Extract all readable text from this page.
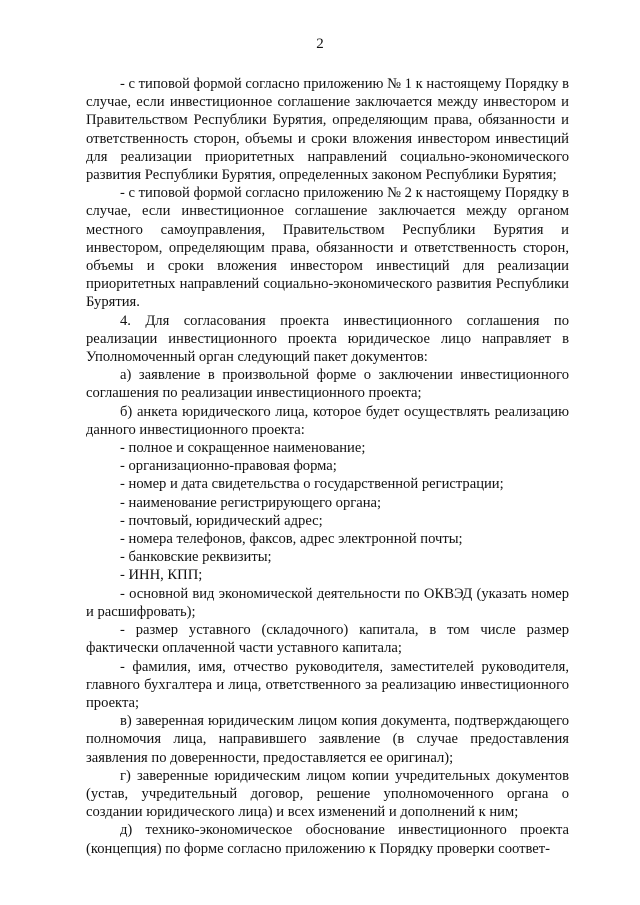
2

- с типовой формой согласно приложению № 1 к настоящему Порядку в случае, если инвестиционное соглашение заключается между инвестором и Правительством Республики Бурятия, определяющим права, обязанности и ответственность сторон, объемы и сроки вложения инвестором инвестиций для реализации приоритетных направлений социально-экономического развития Республики Бурятия, определенных законом Республики Бурятия;

- с типовой формой согласно приложению № 2 к настоящему Порядку в случае, если инвестиционное соглашение заключается между органом местного самоуправления, Правительством Республики Бурятия и инвестором, определяющим права, обязанности и ответственность сторон, объемы и сроки вложения инвестором инвестиций для реализации приоритетных направлений социально-экономического развития Республики Бурятия.

4. Для согласования проекта инвестиционного соглашения по реализации инвестиционного проекта юридическое лицо направляет в Уполномоченный орган следующий пакет документов:

а) заявление в произвольной форме о заключении инвестиционного соглашения по реализации инвестиционного проекта;

б) анкета юридического лица, которое будет осуществлять реализацию данного инвестиционного проекта:

- полное и сокращенное наименование;

- организационно-правовая форма;

- номер и дата свидетельства о государственной регистрации;

- наименование регистрирующего органа;

- почтовый, юридический адрес;

- номера телефонов, факсов, адрес электронной почты;

- банковские реквизиты;

- ИНН, КПП;

- основной вид экономической деятельности по ОКВЭД (указать номер и расшифровать);

- размер уставного (складочного) капитала, в том числе размер фактически оплаченной части уставного капитала;

- фамилия, имя, отчество руководителя, заместителей руководителя, главного бухгалтера и лица, ответственного за реализацию инвестиционного проекта;

в) заверенная юридическим лицом копия документа, подтверждающего полномочия лица, направившего заявление (в случае предоставления заявления по доверенности, предоставляется ее оригинал);

г) заверенные юридическим лицом копии учредительных документов (устав, учредительный договор, решение уполномоченного органа о создании юридического лица) и всех изменений и дополнений к ним;

д) технико-экономическое обоснование инвестиционного проекта (концепция) по форме согласно приложению к Порядку проверки соответ-
